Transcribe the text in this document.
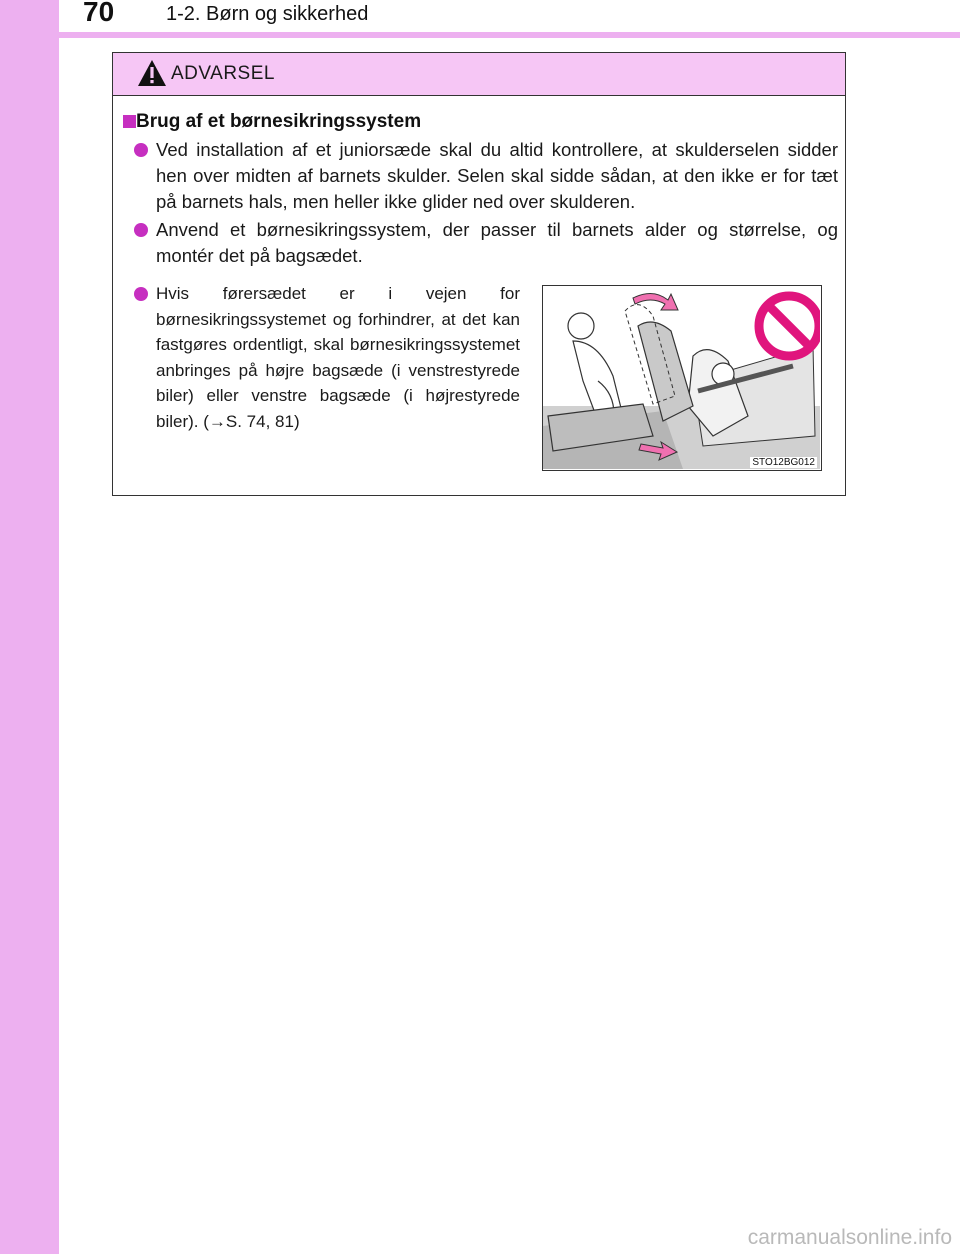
70	1-2. Børn og sikkerhed
ADVARSEL
Brug af et børnesikringssystem
Ved installation af et juniorsæde skal du altid kontrollere, at skulderselen sidder hen over midten af barnets skulder. Selen skal sidde sådan, at den ikke er for tæt på barnets hals, men heller ikke glider ned over skulderen.
Anvend et børnesikringssystem, der passer til barnets alder og størrelse, og montér det på bagsædet.
Hvis førersædet er i vejen for børnesikringssystemet og forhindrer, at det kan fastgøres ordentligt, skal børnesikringssystemet anbringes på højre bagsæde (i venstrestyrede biler) eller venstre bagsæde (i højrestyrede biler). (→S. 74, 81)
STO12BG012
carmanualsonline.info
